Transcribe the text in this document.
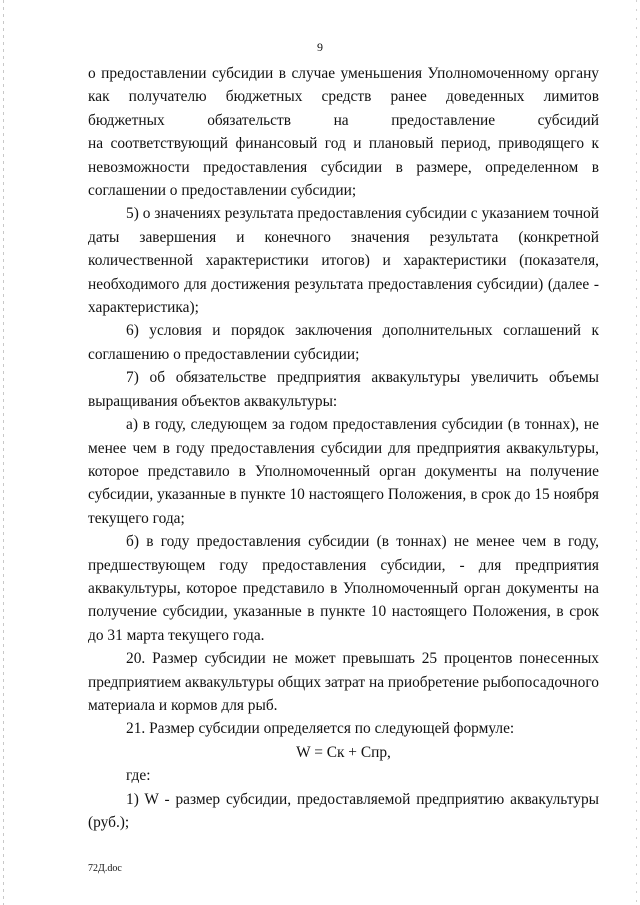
9

о предоставлении субсидии в случае уменьшения Уполномоченному органу как получателю бюджетных средств ранее доведенных лимитов

бюджетных обязательств на предоставление субсидий

на соответствующий финансовый год и плановый период, приводящего к невозможности предоставления субсидии в размере, определенном в соглашении о предоставлении субсидии;

5) о значениях результата предоставления субсидии с указанием точной даты завершения и конечного значения результата (конкретной количественной характеристики итогов) и характеристики (показателя, необходимого для достижения результата предоставления субсидии) (далее - характеристика);

6) условия и порядок заключения дополнительных соглашений к соглашению о предоставлении субсидии;

7) об обязательстве предприятия аквакультуры увеличить объемы выращивания объектов аквакультуры:

а) в году, следующем за годом предоставления субсидии (в тоннах), не менее чем в году предоставления субсидии для предприятия аквакультуры, которое представило в Уполномоченный орган документы на получение субсидии, указанные в пункте 10 настоящего Положения, в срок до 15 ноября текущего года;

б) в году предоставления субсидии (в тоннах) не менее чем в году, предшествующем году предоставления субсидии, - для предприятия аквакультуры, которое представило в Уполномоченный орган документы на получение субсидии, указанные в пункте 10 настоящего Положения, в срок до 31 марта текущего года.

20. Размер субсидии не может превышать 25 процентов понесенных предприятием аквакультуры общих затрат на приобретение рыбопосадочного материала и кормов для рыб.

21. Размер субсидии определяется по следующей формуле:

W = Ск + Спр,

где:

1) W - размер субсидии, предоставляемой предприятию аквакультуры (руб.);

72Д.doc
